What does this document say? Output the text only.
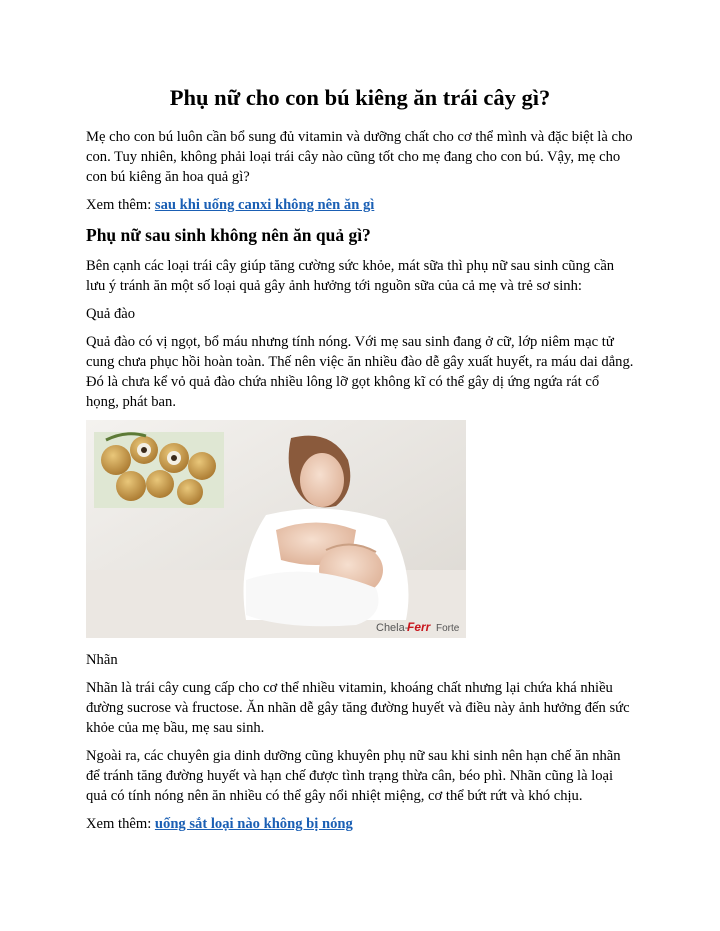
Phụ nữ cho con bú kiêng ăn trái cây gì?

Mẹ cho con bú luôn cần bổ sung đủ vitamin và dưỡng chất cho cơ thể mình và đặc biệt là cho con. Tuy nhiên, không phải loại trái cây nào cũng tốt cho mẹ đang cho con bú. Vậy, mẹ cho con bú kiêng ăn hoa quả gì?

Xem thêm: sau khi uống canxi không nên ăn gì

Phụ nữ sau sinh không nên ăn quả gì?

Bên cạnh các loại trái cây giúp tăng cường sức khỏe, mát sữa thì phụ nữ sau sinh cũng cần lưu ý tránh ăn một số loại quả gây ảnh hưởng tới nguồn sữa của cả mẹ và trẻ sơ sinh:

Quả đào

Quả đào có vị ngọt, bổ máu nhưng tính nóng. Với mẹ sau sinh đang ở cữ, lớp niêm mạc tử cung chưa phục hồi hoàn toàn. Thế nên việc ăn nhiều đào dễ gây xuất huyết, ra máu dai dẳng. Đó là chưa kể vỏ quả đào chứa nhiều lông lỡ gọt không kĩ có thể gây dị ứng ngứa rát cổ họng, phát ban.

Chela-
Ferr Forte

Nhãn

Nhãn là trái cây cung cấp cho cơ thể nhiều vitamin, khoáng chất nhưng lại chứa khá nhiều đường sucrose và fructose. Ăn nhãn dễ gây tăng đường huyết và điều này ảnh hưởng đến sức khỏe của mẹ bầu, mẹ sau sinh.

Ngoài ra, các chuyên gia dinh dưỡng cũng khuyên phụ nữ sau khi sinh nên hạn chế ăn nhãn để tránh tăng đường huyết và hạn chế được tình trạng thừa cân, béo phì. Nhãn cũng là loại quả có tính nóng nên ăn nhiều có thể gây nổi nhiệt miệng, cơ thể bứt rứt và khó chịu.

Xem thêm: uống sắt loại nào không bị nóng
